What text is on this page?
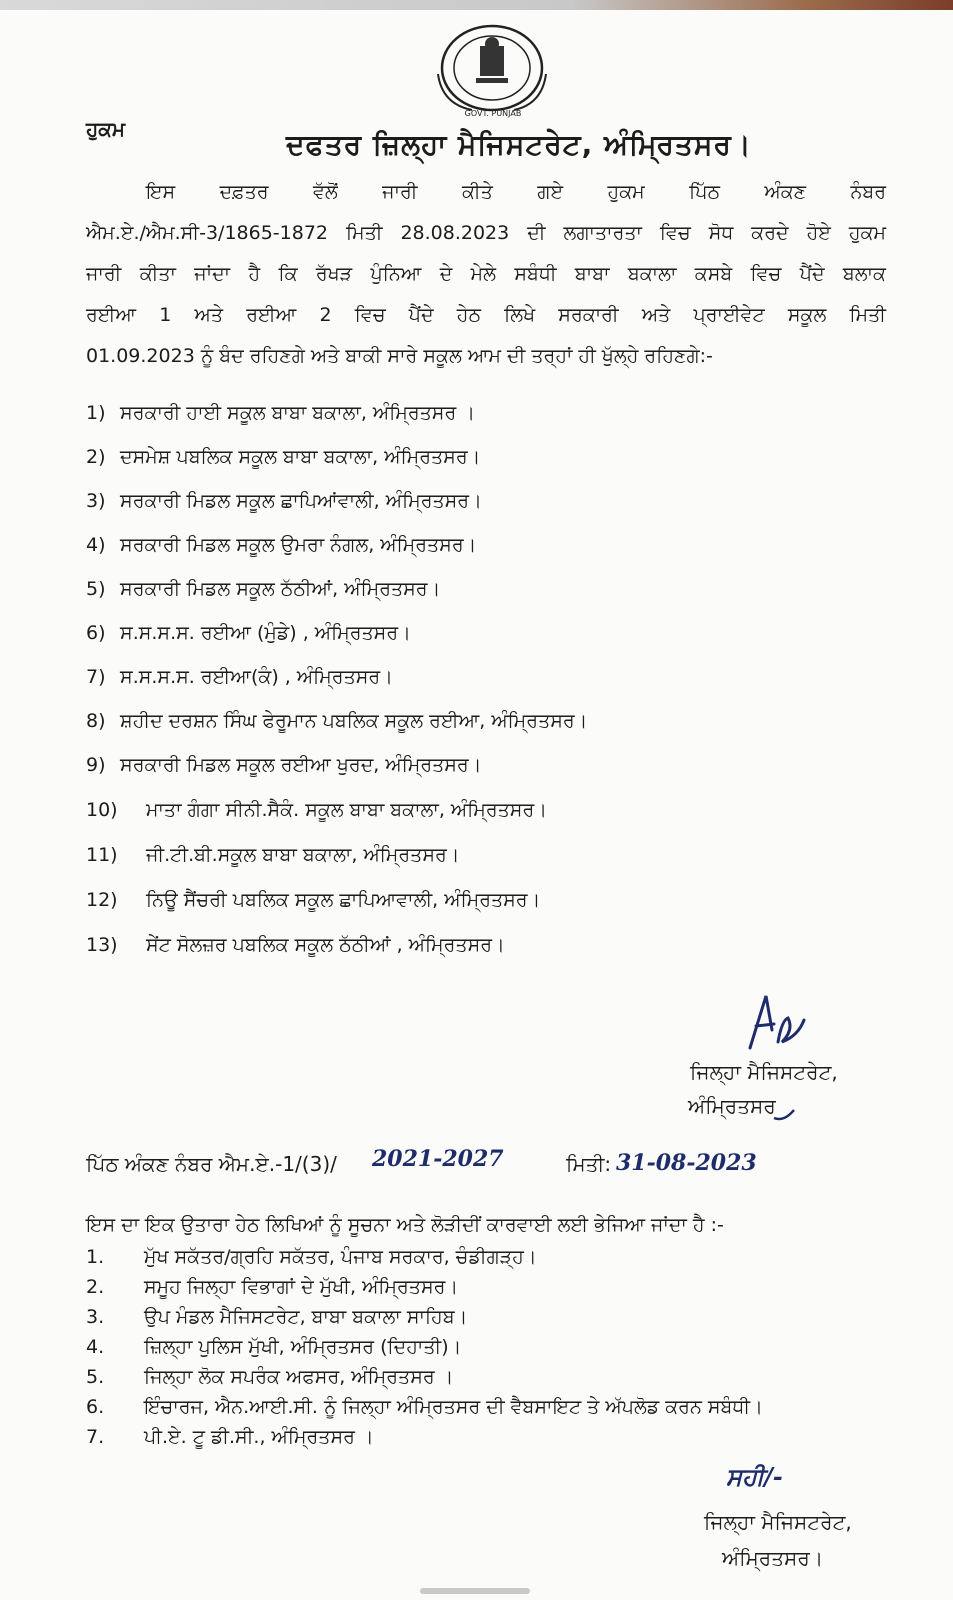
GOVT. PUNJAB
ਹੁਕਮ	ਦਫਤਰ ਜ਼ਿਲ੍ਹਾ ਮੈਜਿਸਟਰੇਟ, ਅੰਮ੍ਰਿਤਸਰ।
ਇਸ ਦਫ਼ਤਰ ਵੱਲੋਂ ਜਾਰੀ ਕੀਤੇ ਗਏ ਹੁਕਮ ਪਿੱਠ ਅੰਕਣ ਨੰਬਰ
ਐਮ.ਏ./ਐਮ.ਸੀ-3/1865-1872 ਮਿਤੀ 28.08.2023 ਦੀ ਲਗਾਤਾਰਤਾ ਵਿਚ ਸੋਧ ਕਰਦੇ ਹੋਏ ਹੁਕਮ
ਜਾਰੀ ਕੀਤਾ ਜਾਂਦਾ ਹੈ ਕਿ ਰੱਖੜ ਪੁੰਨਿਆ ਦੇ ਮੇਲੇ ਸਬੰਧੀ ਬਾਬਾ ਬਕਾਲਾ ਕਸਬੇ ਵਿਚ ਪੈਂਦੇ ਬਲਾਕ
ਰਈਆ 1 ਅਤੇ ਰਈਆ 2 ਵਿਚ ਪੈਂਦੇ ਹੇਠ ਲਿਖੇ ਸਰਕਾਰੀ ਅਤੇ ਪ੍ਰਾਈਵੇਟ ਸਕੂਲ ਮਿਤੀ
01.09.2023 ਨੂੰ ਬੰਦ ਰਹਿਣਗੇ ਅਤੇ ਬਾਕੀ ਸਾਰੇ ਸਕੂਲ ਆਮ ਦੀ ਤਰ੍ਹਾਂ ਹੀ ਖੁੱਲ੍ਹੇ ਰਹਿਣਗੇ:-
1) ਸਰਕਾਰੀ ਹਾਈ ਸਕੂਲ ਬਾਬਾ ਬਕਾਲਾ, ਅੰਮ੍ਰਿਤਸਰ ।
2) ਦਸਮੇਸ਼ ਪਬਲਿਕ ਸਕੂਲ ਬਾਬਾ ਬਕਾਲਾ, ਅੰਮ੍ਰਿਤਸਰ।
3) ਸਰਕਾਰੀ ਮਿਡਲ ਸਕੂਲ ਛਾਪਿਆਂਵਾਲੀ, ਅੰਮ੍ਰਿਤਸਰ।
4) ਸਰਕਾਰੀ ਮਿਡਲ ਸਕੂਲ ਉਮਰਾ ਨੰਗਲ, ਅੰਮ੍ਰਿਤਸਰ।
5) ਸਰਕਾਰੀ ਮਿਡਲ ਸਕੂਲ ਠੱਠੀਆਂ, ਅੰਮ੍ਰਿਤਸਰ।
6) ਸ.ਸ.ਸ.ਸ. ਰਈਆ (ਮੁੰਡੇ) , ਅੰਮ੍ਰਿਤਸਰ।
7) ਸ.ਸ.ਸ.ਸ. ਰਈਆ(ਕੰ) , ਅੰਮ੍ਰਿਤਸਰ।
8) ਸ਼ਹੀਦ ਦਰਸ਼ਨ ਸਿੰਘ ਫੇਰੂਮਾਨ ਪਬਲਿਕ ਸਕੂਲ ਰਈਆ, ਅੰਮ੍ਰਿਤਸਰ।
9) ਸਰਕਾਰੀ ਮਿਡਲ ਸਕੂਲ ਰਈਆ ਖੁਰਦ, ਅੰਮ੍ਰਿਤਸਰ।
10) ਮਾਤਾ ਗੰਗਾ ਸੀਨੀ.ਸੈਕੰ. ਸਕੂਲ ਬਾਬਾ ਬਕਾਲਾ, ਅੰਮ੍ਰਿਤਸਰ।
11) ਜੀ.ਟੀ.ਬੀ.ਸਕੂਲ ਬਾਬਾ ਬਕਾਲਾ, ਅੰਮ੍ਰਿਤਸਰ।
12) ਨਿਊ ਸੈਂਚਰੀ ਪਬਲਿਕ ਸਕੂਲ ਛਾਪਿਆਵਾਲੀ, ਅੰਮ੍ਰਿਤਸਰ।
13) ਸੇਂਟ ਸੋਲਜ਼ਰ ਪਬਲਿਕ ਸਕੂਲ ਠੱਠੀਆਂ , ਅੰਮ੍ਰਿਤਸਰ।
ਜਿਲ੍ਹਾ ਮੈਜਿਸਟਰੇਟ,
ਅੰਮ੍ਰਿਤਸਰ
ਪਿੱਠ ਅੰਕਣ ਨੰਬਰ ਐਮ.ਏ.-1/(3)/ 2021-2027	ਮਿਤੀ: 31-08-2023
ਇਸ ਦਾ ਇਕ ਉਤਾਰਾ ਹੇਠ ਲਿਖਿਆਂ ਨੂੰ ਸੂਚਨਾ ਅਤੇ ਲੋੜੀਦੀਂ ਕਾਰਵਾਈ ਲਈ ਭੇਜਿਆ ਜਾਂਦਾ ਹੈ :-
1. ਮੁੱਖ ਸਕੱਤਰ/ਗ੍ਰਹਿ ਸਕੱਤਰ, ਪੰਜਾਬ ਸਰਕਾਰ, ਚੰਡੀਗੜ੍ਹ।
2. ਸਮੂਹ ਜਿਲ੍ਹਾ ਵਿਭਾਗਾਂ ਦੇ ਮੁੱਖੀ, ਅੰਮ੍ਰਿਤਸਰ।
3. ਉਪ ਮੰਡਲ ਮੈਜਿਸਟਰੇਟ, ਬਾਬਾ ਬਕਾਲਾ ਸਾਹਿਬ।
4. ਜ਼ਿਲ੍ਹਾ ਪੁਲਿਸ ਮੁੱਖੀ, ਅੰਮ੍ਰਿਤਸਰ (ਦਿਹਾਤੀ)।
5. ਜਿਲ੍ਹਾ ਲੋਕ ਸਪਰੰਕ ਅਫਸਰ, ਅੰਮ੍ਰਿਤਸਰ ।
6. ਇੰਚਾਰਜ, ਐਨ.ਆਈ.ਸੀ. ਨੂੰ ਜਿਲ੍ਹਾ ਅੰਮ੍ਰਿਤਸਰ ਦੀ ਵੈਬਸਾਇਟ ਤੇ ਅੱਪਲੋਡ ਕਰਨ ਸਬੰਧੀ।
7. ਪੀ.ਏ. ਟੂ ਡੀ.ਸੀ., ਅੰਮ੍ਰਿਤਸਰ ।
ਸਹੀ/-
ਜਿਲ੍ਹਾ ਮੈਜਿਸਟਰੇਟ,
ਅੰਮ੍ਰਿਤਸਰ।
